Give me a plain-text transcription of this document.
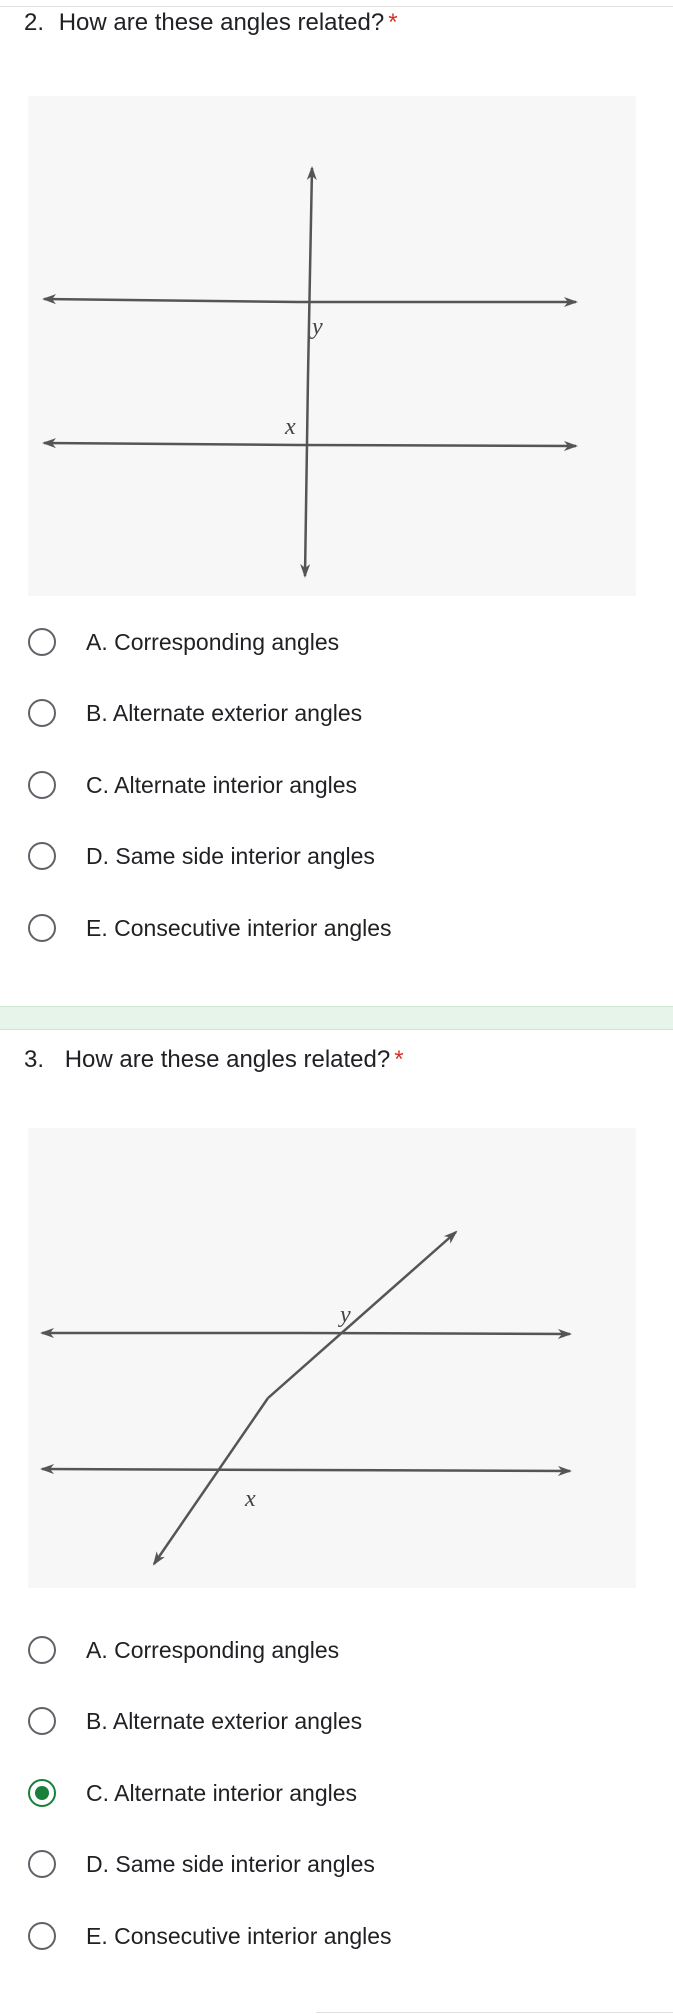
2. How are these angles related? *
y
x
A. Corresponding angles
B. Alternate exterior angles
C. Alternate interior angles
D. Same side interior angles
E. Consecutive interior angles
3. How are these angles related? *
y
x
A. Corresponding angles
B. Alternate exterior angles
C. Alternate interior angles
D. Same side interior angles
E. Consecutive interior angles
